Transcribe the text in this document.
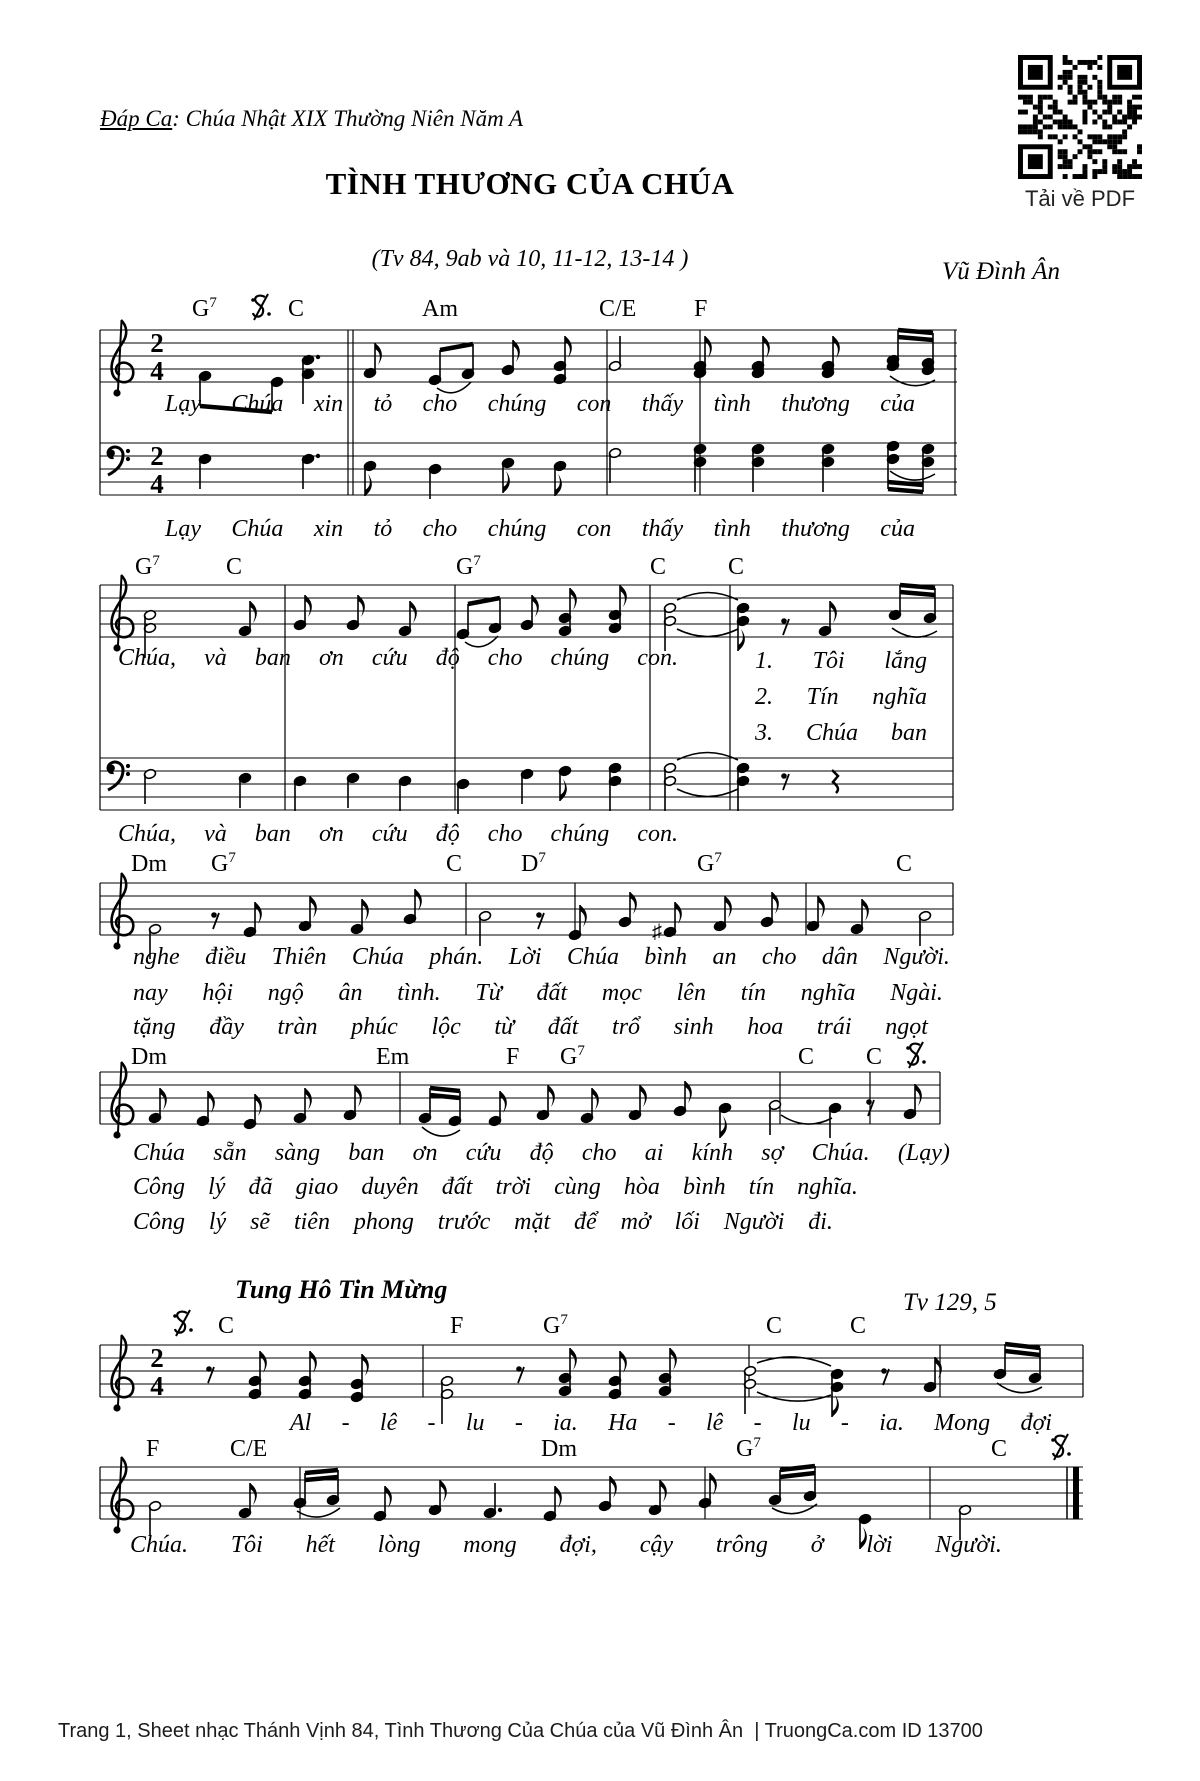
Đáp Ca: Chúa Nhật XIX Thường Niên Năm A
Tải về PDF
TÌNH THƯƠNG CỦA CHÚA
(Tv 84, 9ab và 10, 11-12, 13-14 )	Vũ Đình Ân
$G^7$	C	Am	C/E F
2
4
2
4
Lạy Chúa xin tỏ cho chúng con thấy tình thương của
Lạy Chúa xin tỏ cho chúng con thấy tình thương của
$G^7$	C	$G^7$	C	C
Chúa, và ban ơn cứu độ cho chúng con.	1. Tôi lắng
2. Tín nghĩa
3. Chúa ban
Chúa, và ban ơn cứu độ cho chúng con.
Dm $G^7$	C $D^7$	$G^7$	C
♯
nghe điều Thiên Chúa phán. Lời Chúa bình an cho dân Người.
nay hội ngộ ân tình. Từ đất mọc lên tín nghĩa Ngài.
tặng đầy tràn phúc lộc từ đất trổ sinh hoa trái ngọt
Dm	Em	F $G^7$	C C
Chúa sẵn sàng ban ơn cứu độ cho ai kính sợ Chúa. (Lạy)
Công lý đã giao duyên đất trời cùng hòa bình tín nghĩa.
Công lý sẽ tiên phong trước mặt để mở lối Người đi.
Tung Hô Tin Mừng	Tv 129, 5
C	F	$G^7$	C	C
2
4
Al - lê - lu - ia. Ha - lê - lu - ia. Mong đợi
F	C/E	Dm	$G^7$	C
Chúa. Tôi hết lòng mong đợi, cậy trông ở lời Người.
Trang 1, Sheet nhạc Thánh Vịnh 84, Tình Thương Của Chúa của Vũ Đình Ân  | TruongCa.com ID 13700
